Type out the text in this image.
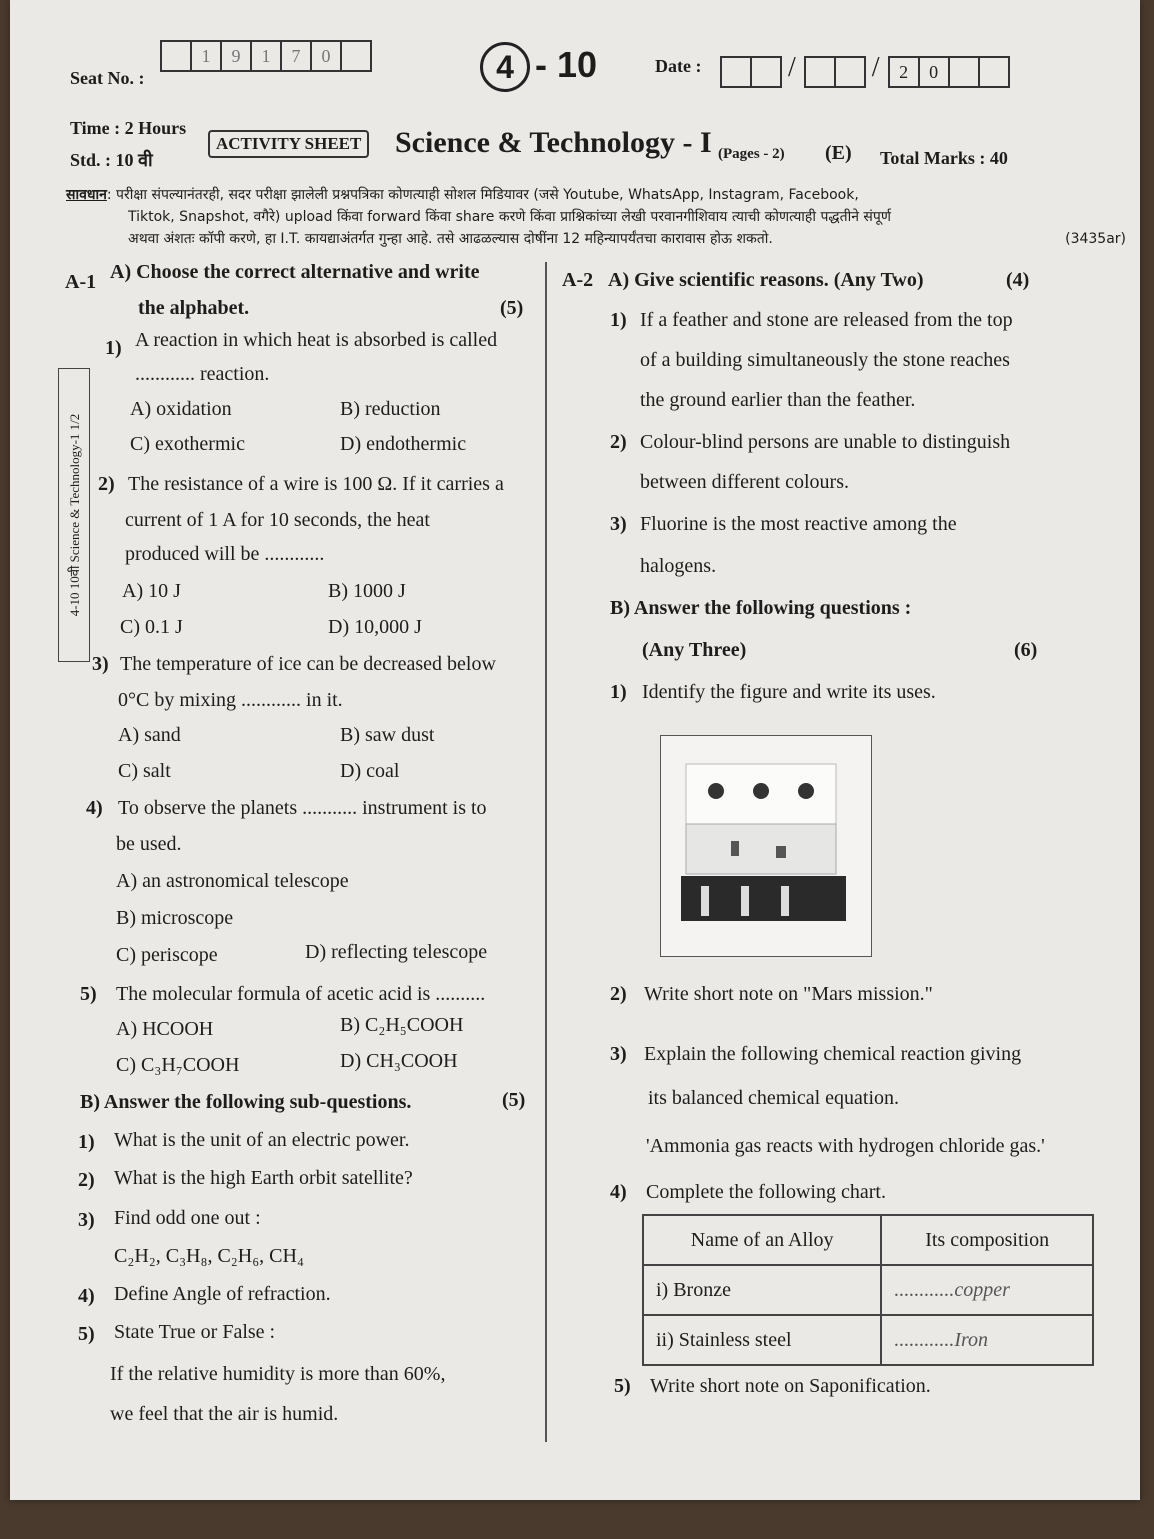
Seat No. :
1 9 1 7 0	4 - 10	Date :	/	/ 2 0
Time : 2 Hours
Std. : 10 वी
ACTIVITY SHEET Science & Technology - I (Pages - 2) (E) Total Marks : 40
सावधान: परीक्षा संपल्यानंतरही, सदर परीक्षा झालेली प्रश्नपत्रिका कोणत्याही सोशल मिडियावर (जसे Youtube, WhatsApp, Instagram, Facebook,
Tiktok, Snapshot, वगैरे) upload किंवा forward किंवा share करणे किंवा प्राश्निकांच्या लेखी परवानगीशिवाय त्याची कोणत्याही पद्धतीने संपूर्ण
अथवा अंशतः कॉपी करणे, हा I.T. कायद्याअंतर्गत गुन्हा आहे. तसे आढळल्यास दोषींना 12 महिन्यापर्यंतचा कारावास होऊ शकतो.	(3435ar)
4-10 10वी Science & Technology-1 1/2
A-1 A) Choose the correct alternative and write
the alphabet.	(5)
1) A reaction in which heat is absorbed is called
............ reaction.
A) oxidation	B) reduction
C) exothermic	D) endothermic
2) The resistance of a wire is 100 Ω. If it carries a
current of 1 A for 10 seconds, the heat
produced will be ............
A) 10 J	B) 1000 J
C) 0.1 J	D) 10,000 J
3) The temperature of ice can be decreased below
0°C by mixing ............ in it.
A) sand	B) saw dust
C) salt	D) coal
4) To observe the planets ........... instrument is to
be used.
A) an astronomical telescope
B) microscope
C) periscope	D) reflecting telescope
5) The molecular formula of acetic acid is ..........
A) HCOOH	B) C₂H₅COOH
C) C₃H₇COOH	D) CH₃COOH
B) Answer the following sub-questions.	(5)
1) What is the unit of an electric power.
2) What is the high Earth orbit satellite?
3) Find odd one out :
C₂H₂, C₃H₈, C₂H₆, CH₄
4) Define Angle of refraction.
5) State True or False :
If the relative humidity is more than 60%,
we feel that the air is humid.
A-2 A) Give scientific reasons. (Any Two)	(4)
1) If a feather and stone are released from the top
of a building simultaneously the stone reaches
the ground earlier than the feather.
2) Colour-blind persons are unable to distinguish
between different colours.
3) Fluorine is the most reactive among the
halogens.
B) Answer the following questions :
(Any Three)	(6)
1) Identify the figure and write its uses.
2) Write short note on "Mars mission."
3) Explain the following chemical reaction giving
its balanced chemical equation.
'Ammonia gas reacts with hydrogen chloride gas.'
4) Complete the following chart.
Name of an Alloy	Its composition
i) Bronze	............copper
ii) Stainless steel	............Iron
5) Write short note on Saponification.
